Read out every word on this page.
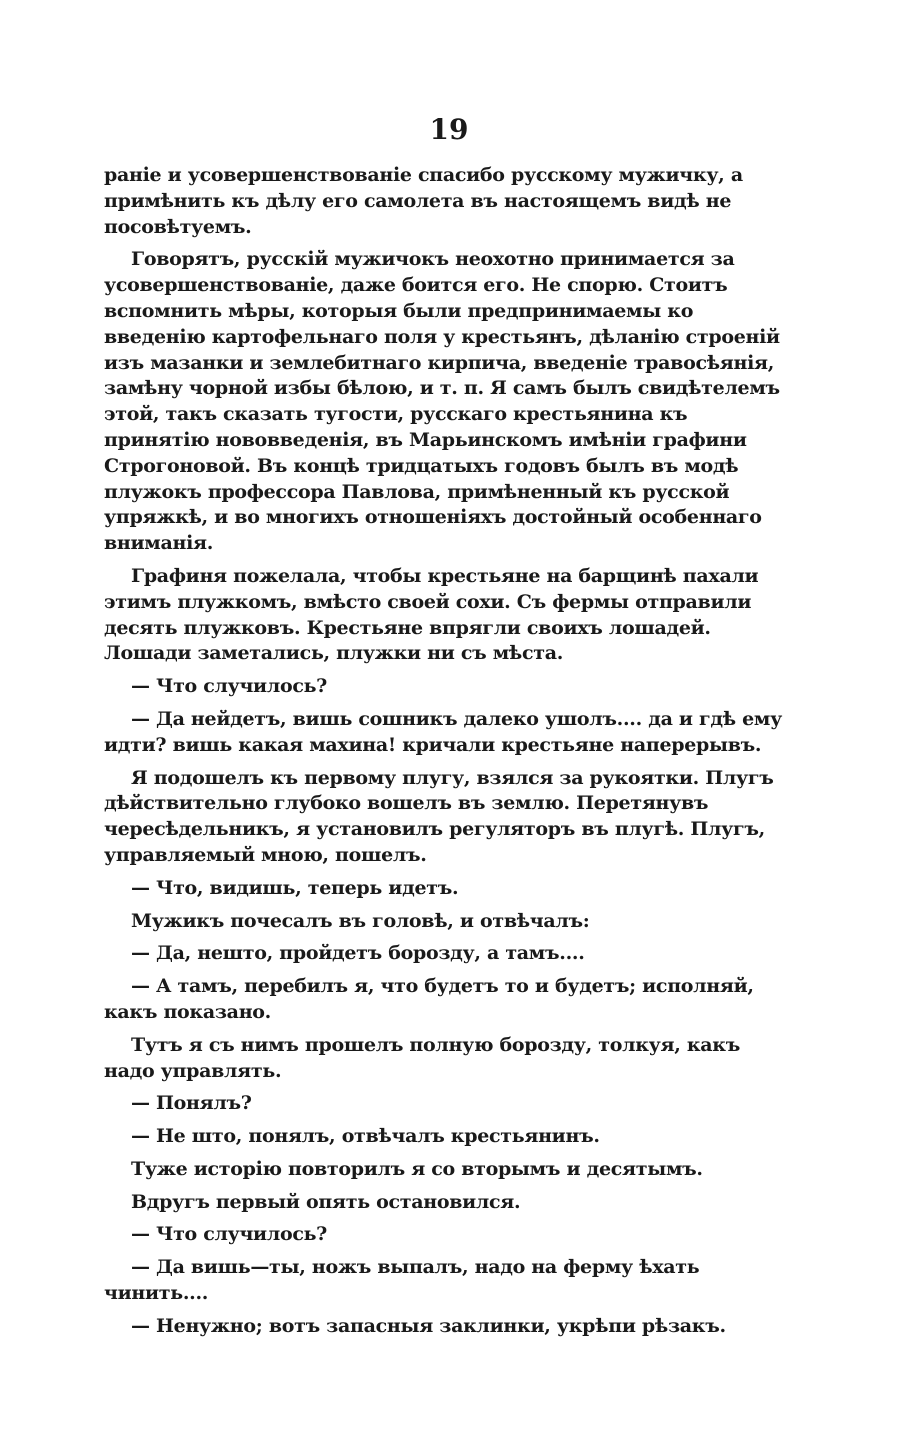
19

раніе и усовершенствованіе спасибо русскому мужичку, а примѣнить къ дѣлу его самолета въ настоящемъ видѣ не посовѣтуемъ.

Говорятъ, русскій мужичокъ неохотно принимается за усовершенствованіе, даже боится его. Не спорю. Стоитъ вспомнить мѣры, которыя были предпринимаемы ко введенію картофельнаго поля у крестьянъ, дѣланію строеній изъ мазанки и землебитнаго кирпича, введеніе травосѣянія, замѣну чорной избы бѣлою, и т. п. Я самъ былъ свидѣтелемъ этой, такъ сказать тугости, русскаго крестьянина къ принятію нововведенія, въ Марьинскомъ имѣніи графини Строгоновой. Въ концѣ тридцатыхъ годовъ былъ въ модѣ плужокъ профессора Павлова, примѣненный къ русской упряжкѣ, и во многихъ отношеніяхъ достойный особеннаго вниманія.

Графиня пожелала, чтобы крестьяне на барщинѣ пахали этимъ плужкомъ, вмѣсто своей сохи. Съ фермы отправили десять плужковъ. Крестьяне впрягли своихъ лошадей. Лошади заметались, плужки ни съ мѣста.

— Что случилось?

— Да нейдетъ, вишь сошникъ далеко ушолъ.... да и гдѣ ему идти? вишь какая махина! кричали крестьяне наперерывъ.

Я подошелъ къ первому плугу, взялся за рукоятки. Плугъ дѣйствительно глубоко вошелъ въ землю. Перетянувъ чересѣдельникъ, я установилъ регуляторъ въ плугѣ. Плугъ, управляемый мною, пошелъ.

— Что, видишь, теперь идетъ.

Мужикъ почесалъ въ головѣ, и отвѣчалъ:

— Да, нешто, пройдетъ борозду, а тамъ....

— А тамъ, перебилъ я, что будетъ то и будетъ; исполняй, какъ показано.

Тутъ я съ нимъ прошелъ полную борозду, толкуя, какъ надо управлять.

— Понялъ?

— Не што, понялъ, отвѣчалъ крестьянинъ.

Туже исторію повторилъ я со вторымъ и десятымъ.

Вдругъ первый опять остановился.

— Что случилось?

— Да вишь—ты, ножъ выпалъ, надо на ферму ѣхать чинить....

— Ненужно; вотъ запасныя заклинки, укрѣпи рѣзакъ.
